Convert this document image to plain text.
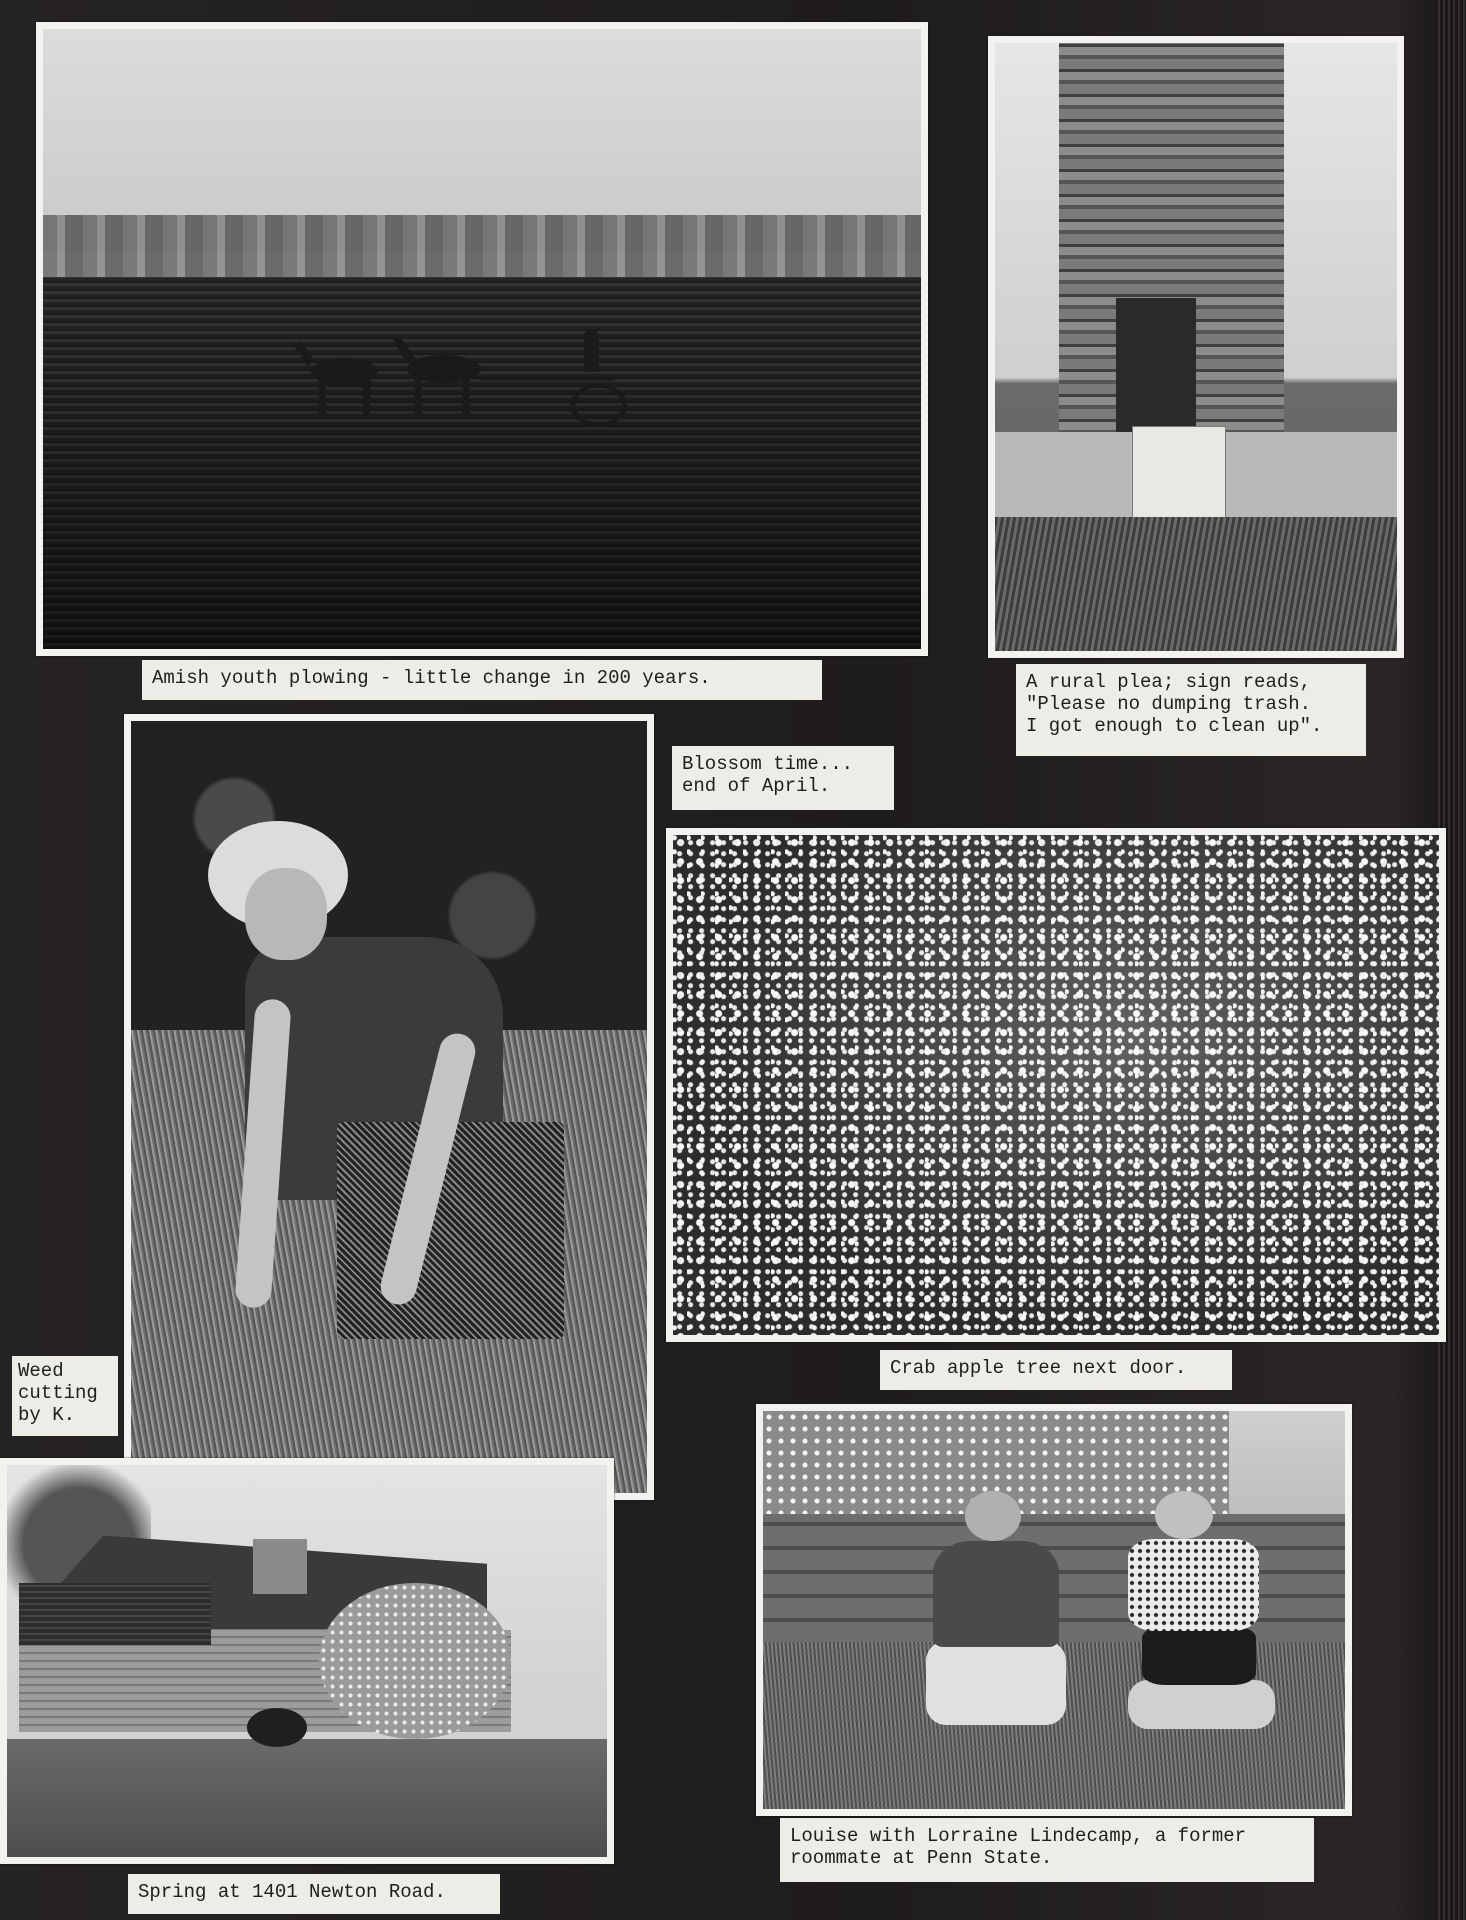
Amish youth plowing - little change in 200 years.	A rural plea; sign reads,
"Please no dumping trash.
I got enough to clean up".
Blossom time...
end of April.
Weed
cutting
by K.
Crab apple tree next door.
Spring at 1401 Newton Road.
Louise with Lorraine Lindecamp, a former
roommate at Penn State.
